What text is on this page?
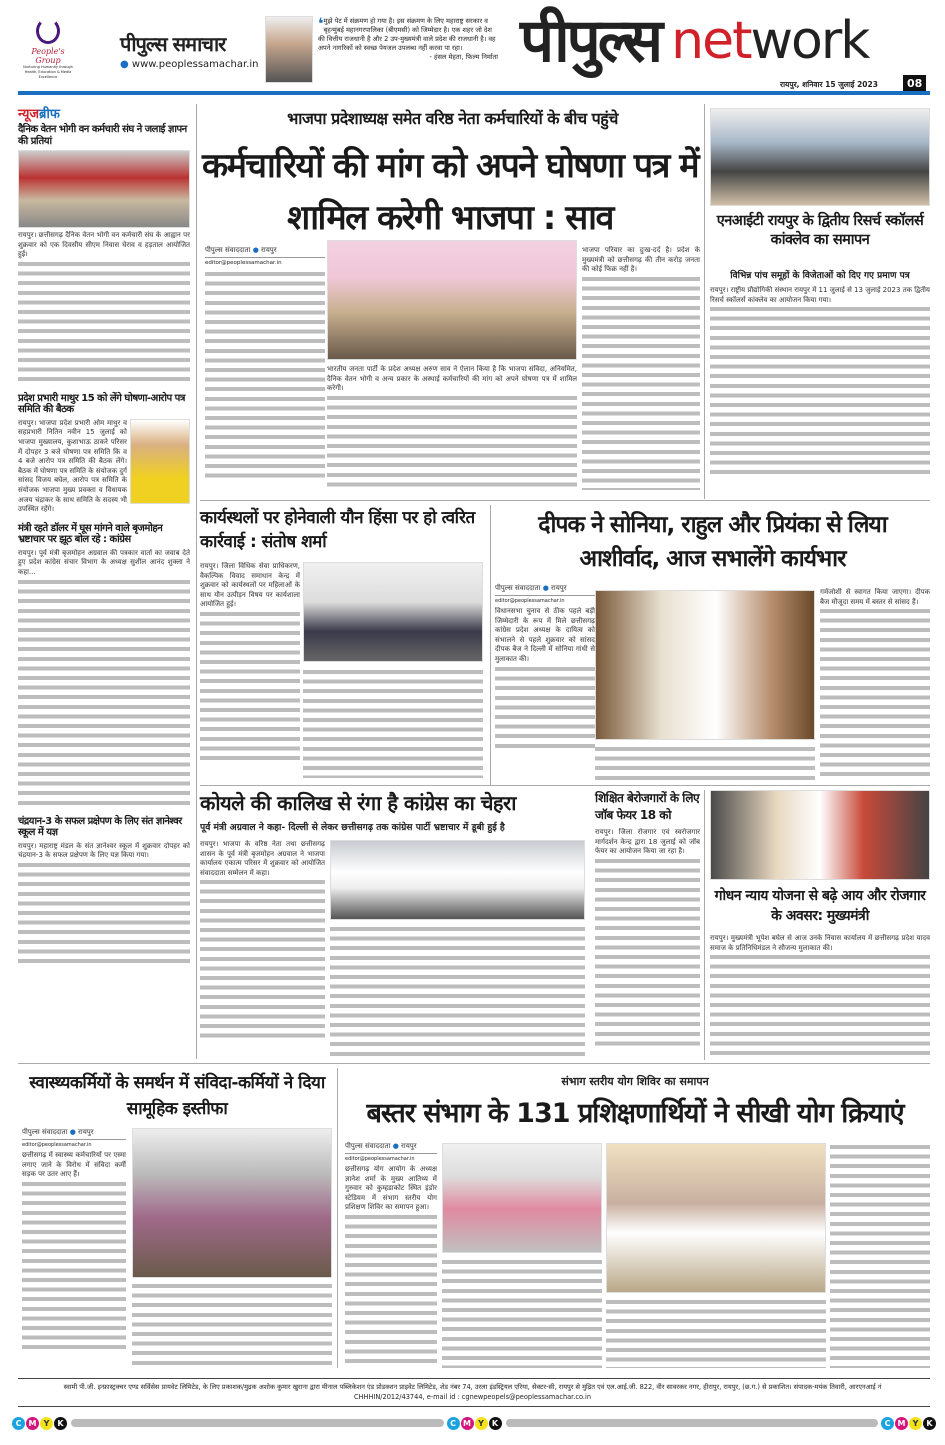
People's Group
Nurturing Humanity through Health, Education & Media Excellence
पीपुल्स समाचार
● www.peoplessamachar.in
❛ मुझे पेट में संक्रमण हो गया है। इस संक्रमण के लिए महाराष्ट्र सरकार व बृहन्मुंबई महानगरपालिका (बीएमसी) को जिम्मेदार है। एक शहर जो देश की वित्तीय राजधानी है और 2 उप-मुख्यमंत्री वाले प्रदेश की राजधानी है। वह अपने नागरिकों को स्वच्छ पेयजल उपलब्ध नहीं करवा पा रहा।
- हंसल मेहता, फिल्म निर्माता पीपुल्स network
रायपुर, शनिवार 15 जुलाई 2023	08
न्यूजब्रीफ
दैनिक वेतन भोगी वन कर्मचारी संघ ने जलाई ज्ञापन की प्रतियां
रायपुर। छत्तीसगढ़ दैनिक वेतन भोगी वन कर्मचारी संघ के आह्वान पर शुक्रवार को एक दिवसीय सीएम निवास घेराव व हड़ताल आयोजित हुई।
प्रदेश प्रभारी माथुर 15 को लेंगे घोषणा-आरोप पत्र समिति की बैठक
रायपुर। भाजपा प्रदेश प्रभारी ओम माथुर व सहप्रभारी नितिन नवीन 15 जुलाई को भाजपा मुख्यालय, कुशाभाऊ ठाकरे परिसर में दोपहर 3 बजे घोषणा पत्र समिति कि व 4 बजे आरोप पत्र समिति की बैठक लेंगे। बैठक में घोषणा पत्र समिति के संयोजक दुर्ग सांसद विजय बघेल, आरोप पत्र समिति के संयोजक भाजपा मुख्य प्रवक्ता व विधायक अजय चंद्राकर के साथ समिति के सदस्य भी उपस्थित रहेंगे।
मंत्री रहते डॉलर में घूस मांगने वाले बृजमोहन भ्रष्टाचार पर झूठ बोल रहे : कांग्रेस
रायपुर। पूर्व मंत्री बृजमोहन अग्रवाल की पत्रकार वार्ता का जवाब देते हुए प्रदेश कांग्रेस संचार विभाग के अध्यक्ष सुशील आनंद शुक्ला ने कहा...
चंद्रयान-3 के सफल प्रक्षेपण के लिए संत ज्ञानेश्वर स्कूल में यज्ञ
रायपुर। महाराष्ट्र मंडल के संत ज्ञानेश्वर स्कूल में शुक्रवार दोपहर को चंद्रयान-3 के सफल प्रक्षेपण के लिए यज्ञ किया गया।
भाजपा प्रदेशाध्यक्ष समेत वरिष्ठ नेता कर्मचारियों के बीच पहुंचे
कर्मचारियों की मांग को अपने घोषणा पत्र में शामिल करेगी भाजपा : साव
पीपुल्स संवाददाता ● रायपुर
editor@peoplessamachar.in
भारतीय जनता पार्टी के प्रदेश अध्यक्ष अरुण साव ने ऐलान किया है कि भाजपा संविदा, अनियमित, दैनिक वेतन भोगी व अन्य प्रकार के अस्थाई कर्मचारियों की मांग को अपने घोषणा पत्र में शामिल करेगी।
भाजपा परिवार का दुःख-दर्द है। प्रदेश के मुख्यमंत्री को छत्तीसगढ़ की तीन करोड़ जनता की कोई फिक्र नहीं है।
एनआईटी रायपुर के द्वितीय रिसर्च स्कॉलर्स कांक्लेव का समापन
विभिन्न पांच समूहों के विजेताओं को दिए गए प्रमाण पत्र
रायपुर। राष्ट्रीय प्रौद्योगिकी संस्थान रायपुर में 11 जुलाई से 13 जुलाई 2023 तक द्वितीय रिसर्च स्कॉलर्स कांक्लेव का आयोजन किया गया।
कार्यस्थलों पर होनेवाली यौन हिंसा पर हो त्वरित कार्रवाई : संतोष शर्मा
रायपुर। जिला विधिक सेवा प्राधिकरण, वैकल्पिक विवाद समाधान केन्द्र में शुक्रवार को कार्यस्थलों पर महिलाओं के साथ यौन उत्पीड़न विषय पर कार्यशाला आयोजित हुई।
दीपक ने सोनिया, राहुल और प्रियंका से लिया आशीर्वाद, आज सभालेंगे कार्यभार
पीपुल्स संवाददाता ● रायपुर
editor@peoplessamachar.in
विधानसभा चुनाव से ठीक पहले बड़ी जिम्मेदारी के रूप में मिले छत्तीसगढ़ कांग्रेस प्रदेश अध्यक्ष के दायित्व को संभालने से पहले शुक्रवार को सांसद दीपक बैज ने दिल्ली में सोनिया गांधी से मुलाकात की।
गर्मजोशी से स्वागत किया जाएगा। दीपक बैज मौजूदा समय में बस्तर से सांसद हैं।
कोयले की कालिख से रंगा है कांग्रेस का चेहरा
पूर्व मंत्री अग्रवाल ने कहा- दिल्ली से लेकर छत्तीसगढ़ तक कांग्रेस पार्टी भ्रष्टाचार में डूबी हुई है
रायपुर। भाजपा के वरिष्ठ नेता तथा छत्तीसगढ़ शासन के पूर्व मंत्री बृजमोहन अग्रवाल ने भाजपा कार्यालय एकात्म परिसर में शुक्रवार को आयोजित संवाददाता सम्मेलन में कहा।
शिक्षित बेरोजगारों के लिए जॉब फेयर 18 को
रायपुर। जिला रोजगार एवं स्वरोजगार मार्गदर्शन केन्द्र द्वारा 18 जुलाई को जॉब फेयर का आयोजन किया जा रहा है।
गोधन न्याय योजना से बढ़े आय और रोजगार के अवसर: मुख्यमंत्री
रायपुर। मुख्यमंत्री भूपेश बघेल से आज उनके निवास कार्यालय में छत्तीसगढ़ प्रदेश यादव समाज के प्रतिनिधिमंडल ने सौजन्य मुलाकात की।
स्वास्थ्यकर्मियों के समर्थन में संविदा-कर्मियों ने दिया सामूहिक इस्तीफा
पीपुल्स संवाददाता ● रायपुर
editor@peoplessamachar.in
छत्तीसगढ़ में स्वास्थ्य कर्मचारियों पर एस्मा लगाए जाने के विरोध में संविदा कर्मी सड़क पर उतर आए हैं।
संभाग स्तरीय योग शिविर का समापन
बस्तर संभाग के 131 प्रशिक्षणार्थियों ने सीखी योग क्रियाएं
पीपुल्स संवाददाता ● रायपुर
editor@peoplessamachar.in
छत्तीसगढ़ योग आयोग के अध्यक्ष ज्ञानेश शर्मा के मुख्य आतिथ्य में गुरुवार को कुम्हडाकोट स्थित इंडोर स्टेडियम में संभाग स्तरीय योग प्रशिक्षण शिविर का समापन हुआ।
स्वामी पी.जी. इन्फ्रास्ट्रक्चर एण्ड सर्विसेस प्रायवेट लिमिटेड, के लिए प्रकाशक/मुद्रक अशोक कुमार खुराना द्वारा मीनाल पब्लिकेशन एंड प्रोडक्शन प्राइवेट लिमिटेड, शेड नंबर 74, उरला इंडस्ट्रियल एरिया, सेक्टर-सी, रायपुर से मुद्रित एवं एल.आई.जी. 822, वीर सावरकर नगर, हीरापुर, रायपुर, (छ.ग.) से प्रकाशित। संपादक-मयंक तिवारी, आरएनआई नं CHHHIN/2012/43744, e-mail id : cgnewpeopels@peoplessamachar.co.in
C M Y	K	C M Y	K	C M Y	K
